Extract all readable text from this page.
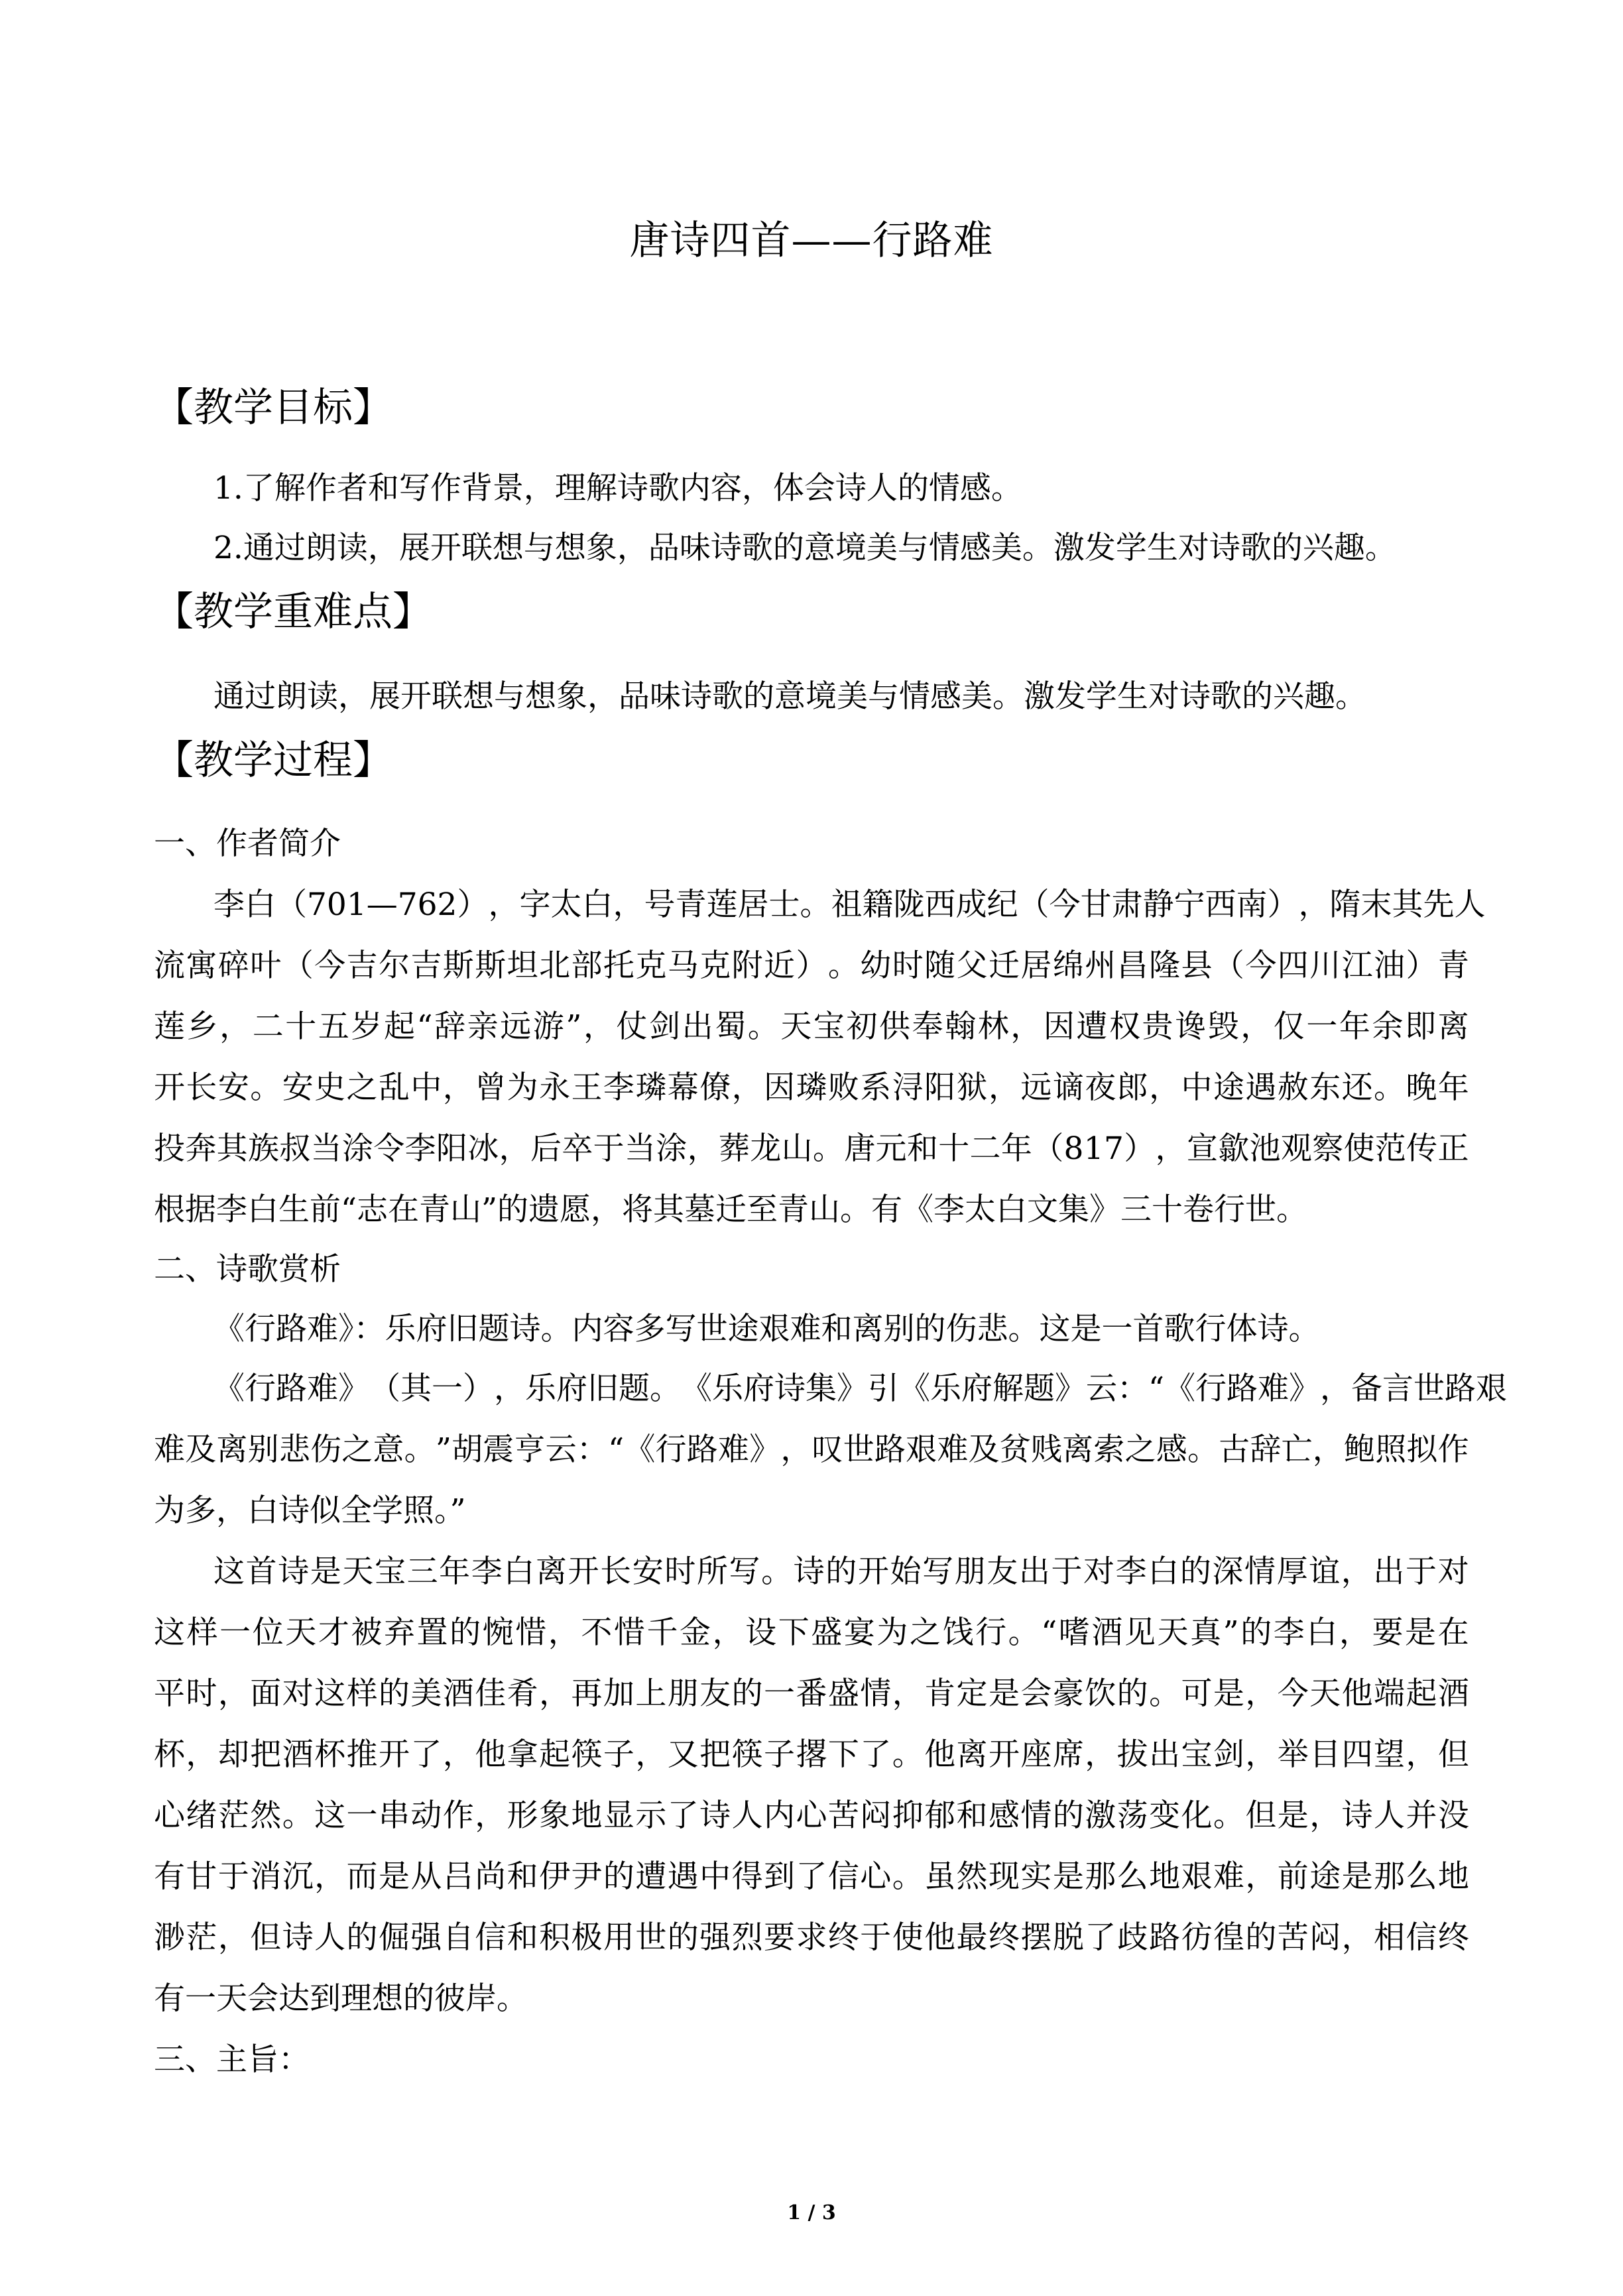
唐诗四首——行路难
【教学目标】
1.了解作者和写作背景，理解诗歌内容，体会诗人的情感。
2.通过朗读，展开联想与想象，品味诗歌的意境美与情感美。激发学生对诗歌的兴趣。
【教学重难点】
通过朗读，展开联想与想象，品味诗歌的意境美与情感美。激发学生对诗歌的兴趣。
【教学过程】
一、作者简介
李 白 （ 7 0 1 — 7 6 2 ） ， 字 太 白 ， 号 青 莲 居 士 。 祖 籍 陇 西 成 纪 （ 今 甘 肃 静 宁 西 南 ） ， 隋 末 其 先 人
流 寓 碎 叶 （ 今 吉 尔 吉 斯 斯 坦 北 部 托 克 马 克 附 近 ） 。 幼 时 随 父 迁 居 绵 州 昌 隆 县 （ 今 四 川 江 油 ） 青
莲 乡 ， 二 十 五 岁 起 “ 辞 亲 远 游 ” ， 仗 剑 出 蜀 。 天 宝 初 供 奉 翰 林 ， 因 遭 权 贵 谗 毁 ， 仅 一 年 余 即 离
开 长 安 。 安 史 之 乱 中 ， 曾 为 永 王 李 璘 幕 僚 ， 因 璘 败 系 浔 阳 狱 ， 远 谪 夜 郎 ， 中 途 遇 赦 东 还 。 晚 年
投 奔 其 族 叔 当 涂 令 李 阳 冰 ， 后 卒 于 当 涂 ， 葬 龙 山 。 唐 元 和 十 二 年 （ 8 1 7 ） ， 宣 歙 池 观 察 使 范 传 正
根据李白生前“志在青山”的遗愿，将其墓迁至青山。有《李太白文集》三十卷行世。
二、诗歌赏析
《行路难》：乐府旧题诗。内容多写世途艰难和离别的伤悲。这是一首歌行体诗。
《 行 路 难 》 （ 其 一 ） ， 乐 府 旧 题 。 《 乐 府 诗 集 》 引 《 乐 府 解 题 》 云 ： “ 《 行 路 难 》 ， 备 言 世 路 艰
难 及 离 别 悲 伤 之 意 。 ” 胡 震 亨 云 ： “ 《 行 路 难 》 ， 叹 世 路 艰 难 及 贫 贱 离 索 之 感 。 古 辞 亡 ， 鲍 照 拟 作
为多，白诗似全学照。”
这 首 诗 是 天 宝 三 年 李 白 离 开 长 安 时 所 写 。 诗 的 开 始 写 朋 友 出 于 对 李 白 的 深 情 厚 谊 ， 出 于 对
这 样 一 位 天 才 被 弃 置 的 惋 惜 ， 不 惜 千 金 ， 设 下 盛 宴 为 之 饯 行 。 “ 嗜 酒 见 天 真 ” 的 李 白 ， 要 是 在
平 时 ， 面 对 这 样 的 美 酒 佳 肴 ， 再 加 上 朋 友 的 一 番 盛 情 ， 肯 定 是 会 豪 饮 的 。 可 是 ， 今 天 他 端 起 酒
杯 ， 却 把 酒 杯 推 开 了 ， 他 拿 起 筷 子 ， 又 把 筷 子 撂 下 了 。 他 离 开 座 席 ， 拔 出 宝 剑 ， 举 目 四 望 ， 但
心 绪 茫 然 。 这 一 串 动 作 ， 形 象 地 显 示 了 诗 人 内 心 苦 闷 抑 郁 和 感 情 的 激 荡 变 化 。 但 是 ， 诗 人 并 没
有 甘 于 消 沉 ， 而 是 从 吕 尚 和 伊 尹 的 遭 遇 中 得 到 了 信 心 。 虽 然 现 实 是 那 么 地 艰 难 ， 前 途 是 那 么 地
渺 茫 ， 但 诗 人 的 倔 强 自 信 和 积 极 用 世 的 强 烈 要 求 终 于 使 他 最 终 摆 脱 了 歧 路 彷 徨 的 苦 闷 ， 相 信 终
有一天会达到理想的彼岸。
三、主旨：
1 / 3
